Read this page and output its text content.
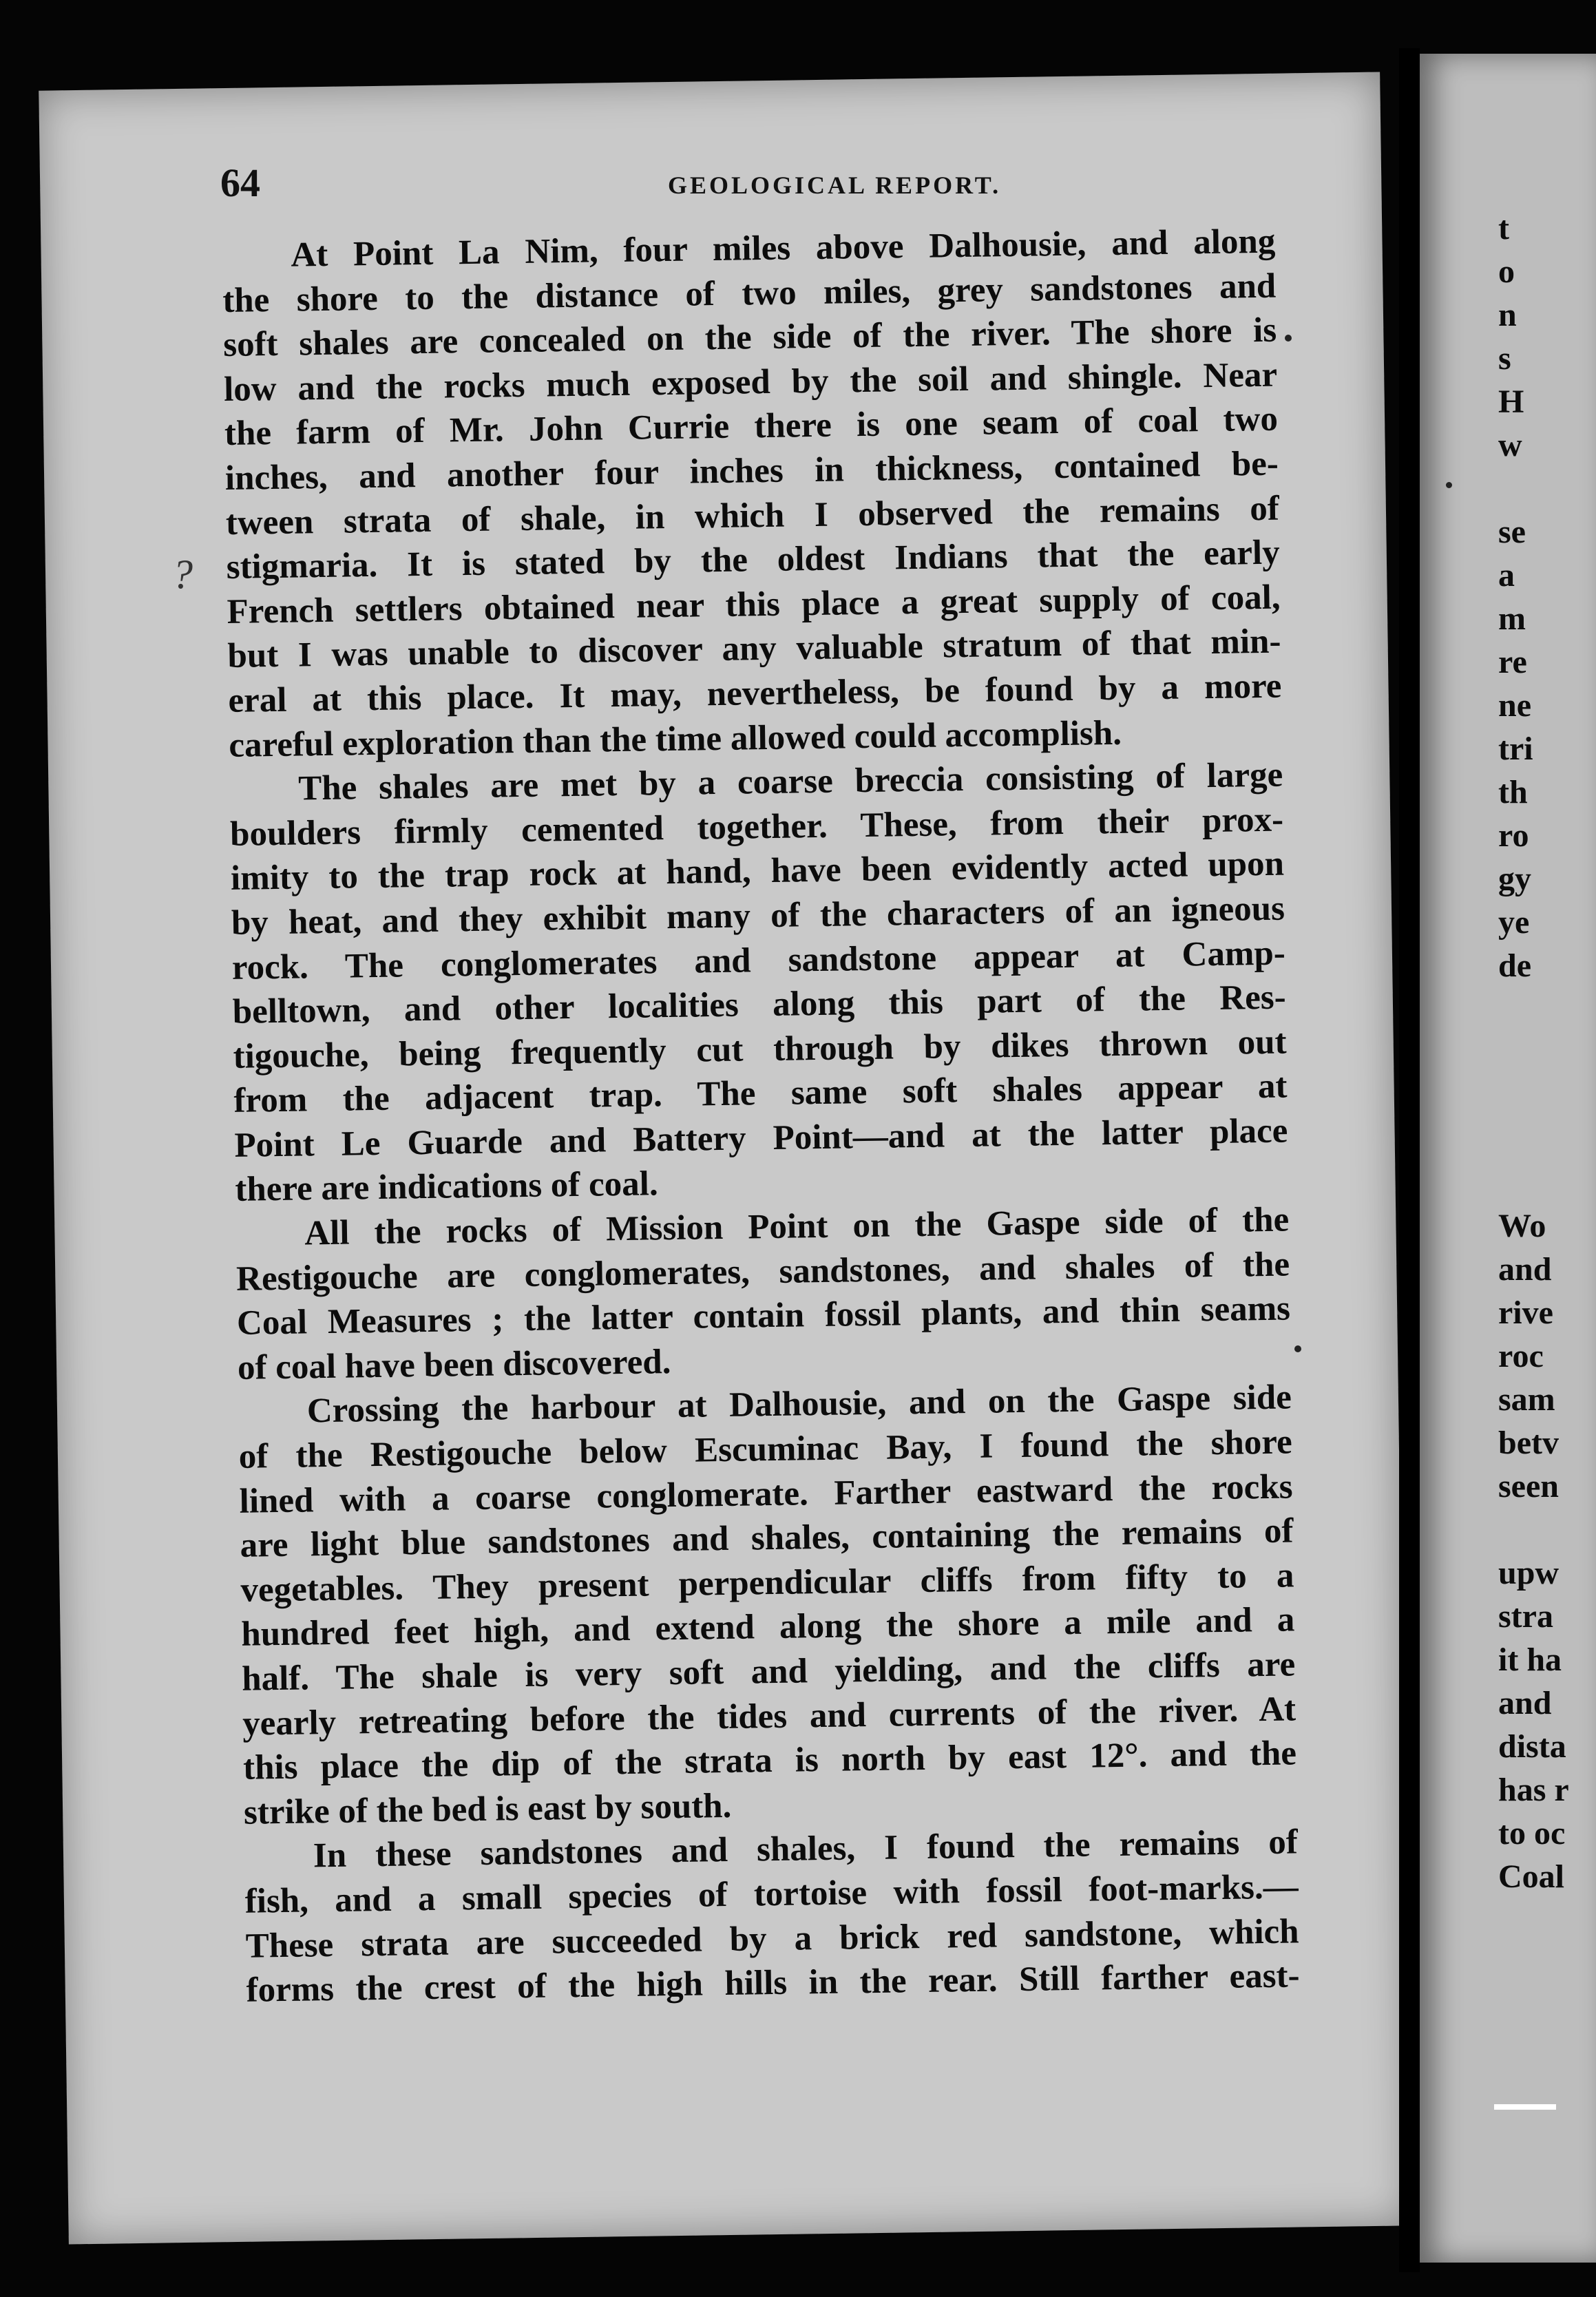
64	GEOLOGICAL REPORT.
?

At Point La Nim, four miles above Dalhousie, and along
the shore to the distance of two miles, grey sandstones and
soft shales are concealed on the side of the river. The shore is
low and the rocks much exposed by the soil and shingle. Near
the farm of Mr. John Currie there is one seam of coal two
inches, and another four inches in thickness, contained be-
tween strata of shale, in which I observed the remains of
stigmaria. It is stated by the oldest Indians that the early
French settlers obtained near this place a great supply of coal,
but I was unable to discover any valuable stratum of that min-
eral at this place. It may, nevertheless, be found by a more
careful exploration than the time allowed could accomplish.

The shales are met by a coarse breccia consisting of large
boulders firmly cemented together. These, from their prox-
imity to the trap rock at hand, have been evidently acted upon
by heat, and they exhibit many of the characters of an igneous
rock. The conglomerates and sandstone appear at Camp-
belltown, and other localities along this part of the Res-
tigouche, being frequently cut through by dikes thrown out
from the adjacent trap. The same soft shales appear at
Point Le Guarde and Battery Point—and at the latter place
there are indications of coal.

All the rocks of Mission Point on the Gaspe side of the
Restigouche are conglomerates, sandstones, and shales of the
Coal Measures ; the latter contain fossil plants, and thin seams
of coal have been discovered.

Crossing the harbour at Dalhousie, and on the Gaspe side
of the Restigouche below Escuminac Bay, I found the shore
lined with a coarse conglomerate. Farther eastward the rocks
are light blue sandstones and shales, containing the remains of
vegetables. They present perpendicular cliffs from fifty to a
hundred feet high, and extend along the shore a mile and a
half. The shale is very soft and yielding, and the cliffs are
yearly retreating before the tides and currents of the river. At
this place the dip of the strata is north by east 12°. and the
strike of the bed is east by south.

In these sandstones and shales, I found the remains of
fish, and a small species of tortoise with fossil foot-marks.—
These strata are succeeded by a brick red sandstone, which
forms the crest of the high hills in the rear. Still farther east-

t
o
n
s
H
w

se
a
m
re
ne
tri
th
ro
gy
ye
de

Wo
and
rive
roc
sam
betv
seen

upw
stra
it ha
and
dista
has r
to oc
Coal
